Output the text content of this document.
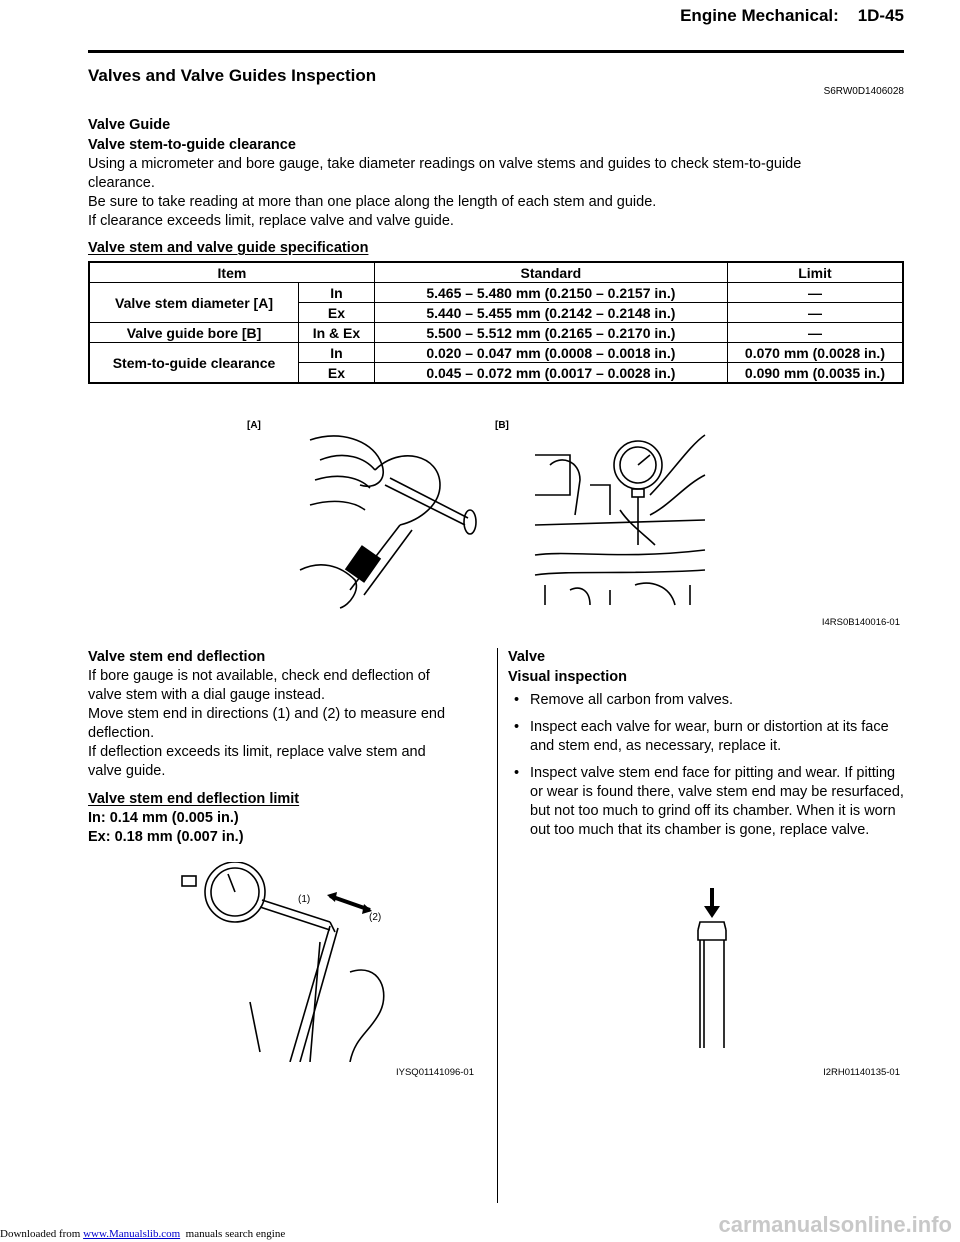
Engine Mechanical:    1D-45
Valves and Valve Guides Inspection
S6RW0D1406028
Valve Guide
Valve stem-to-guide clearance
Using a micrometer and bore gauge, take diameter readings on valve stems and guides to check stem-to-guide
clearance.
Be sure to take reading at more than one place along the length of each stem and guide.
If clearance exceeds limit, replace valve and valve guide.
Valve stem and valve guide specification
Item		Standard	Limit
Valve stem diameter [A]	In	5.465 – 5.480 mm (0.2150 – 0.2157 in.)	—
	Ex	5.440 – 5.455 mm (0.2142 – 0.2148 in.)	—
Valve guide bore [B]	In & Ex	5.500 – 5.512 mm (0.2165 – 0.2170 in.)	—
Stem-to-guide clearance	In	0.020 – 0.047 mm (0.0008 – 0.0018 in.)	0.070 mm (0.0028 in.)
	Ex	0.045 – 0.072 mm (0.0017 – 0.0028 in.)	0.090 mm (0.0035 in.)
[A]	[B]
I4RS0B140016-01
Valve stem end deflection
If bore gauge is not available, check end deflection of
valve stem with a dial gauge instead.
Move stem end in directions (1) and (2) to measure end
deflection.
If deflection exceeds its limit, replace valve stem and
valve guide.
Valve stem end deflection limit
In: 0.14 mm (0.005 in.)
Ex: 0.18 mm (0.007 in.)
(1)
(2)
IYSQ01141096-01
Valve
Visual inspection
• Remove all carbon from valves.
• Inspect each valve for wear, burn or distortion at its face and stem end, as necessary, replace it.
• Inspect valve stem end face for pitting and wear. If pitting or wear is found there, valve stem end may be resurfaced, but not too much to grind off its chamber. When it is worn out too much that its chamber is gone, replace valve.
I2RH01140135-01
Downloaded from www.Manualslib.com  manuals search engine	carmanualsonline.info
